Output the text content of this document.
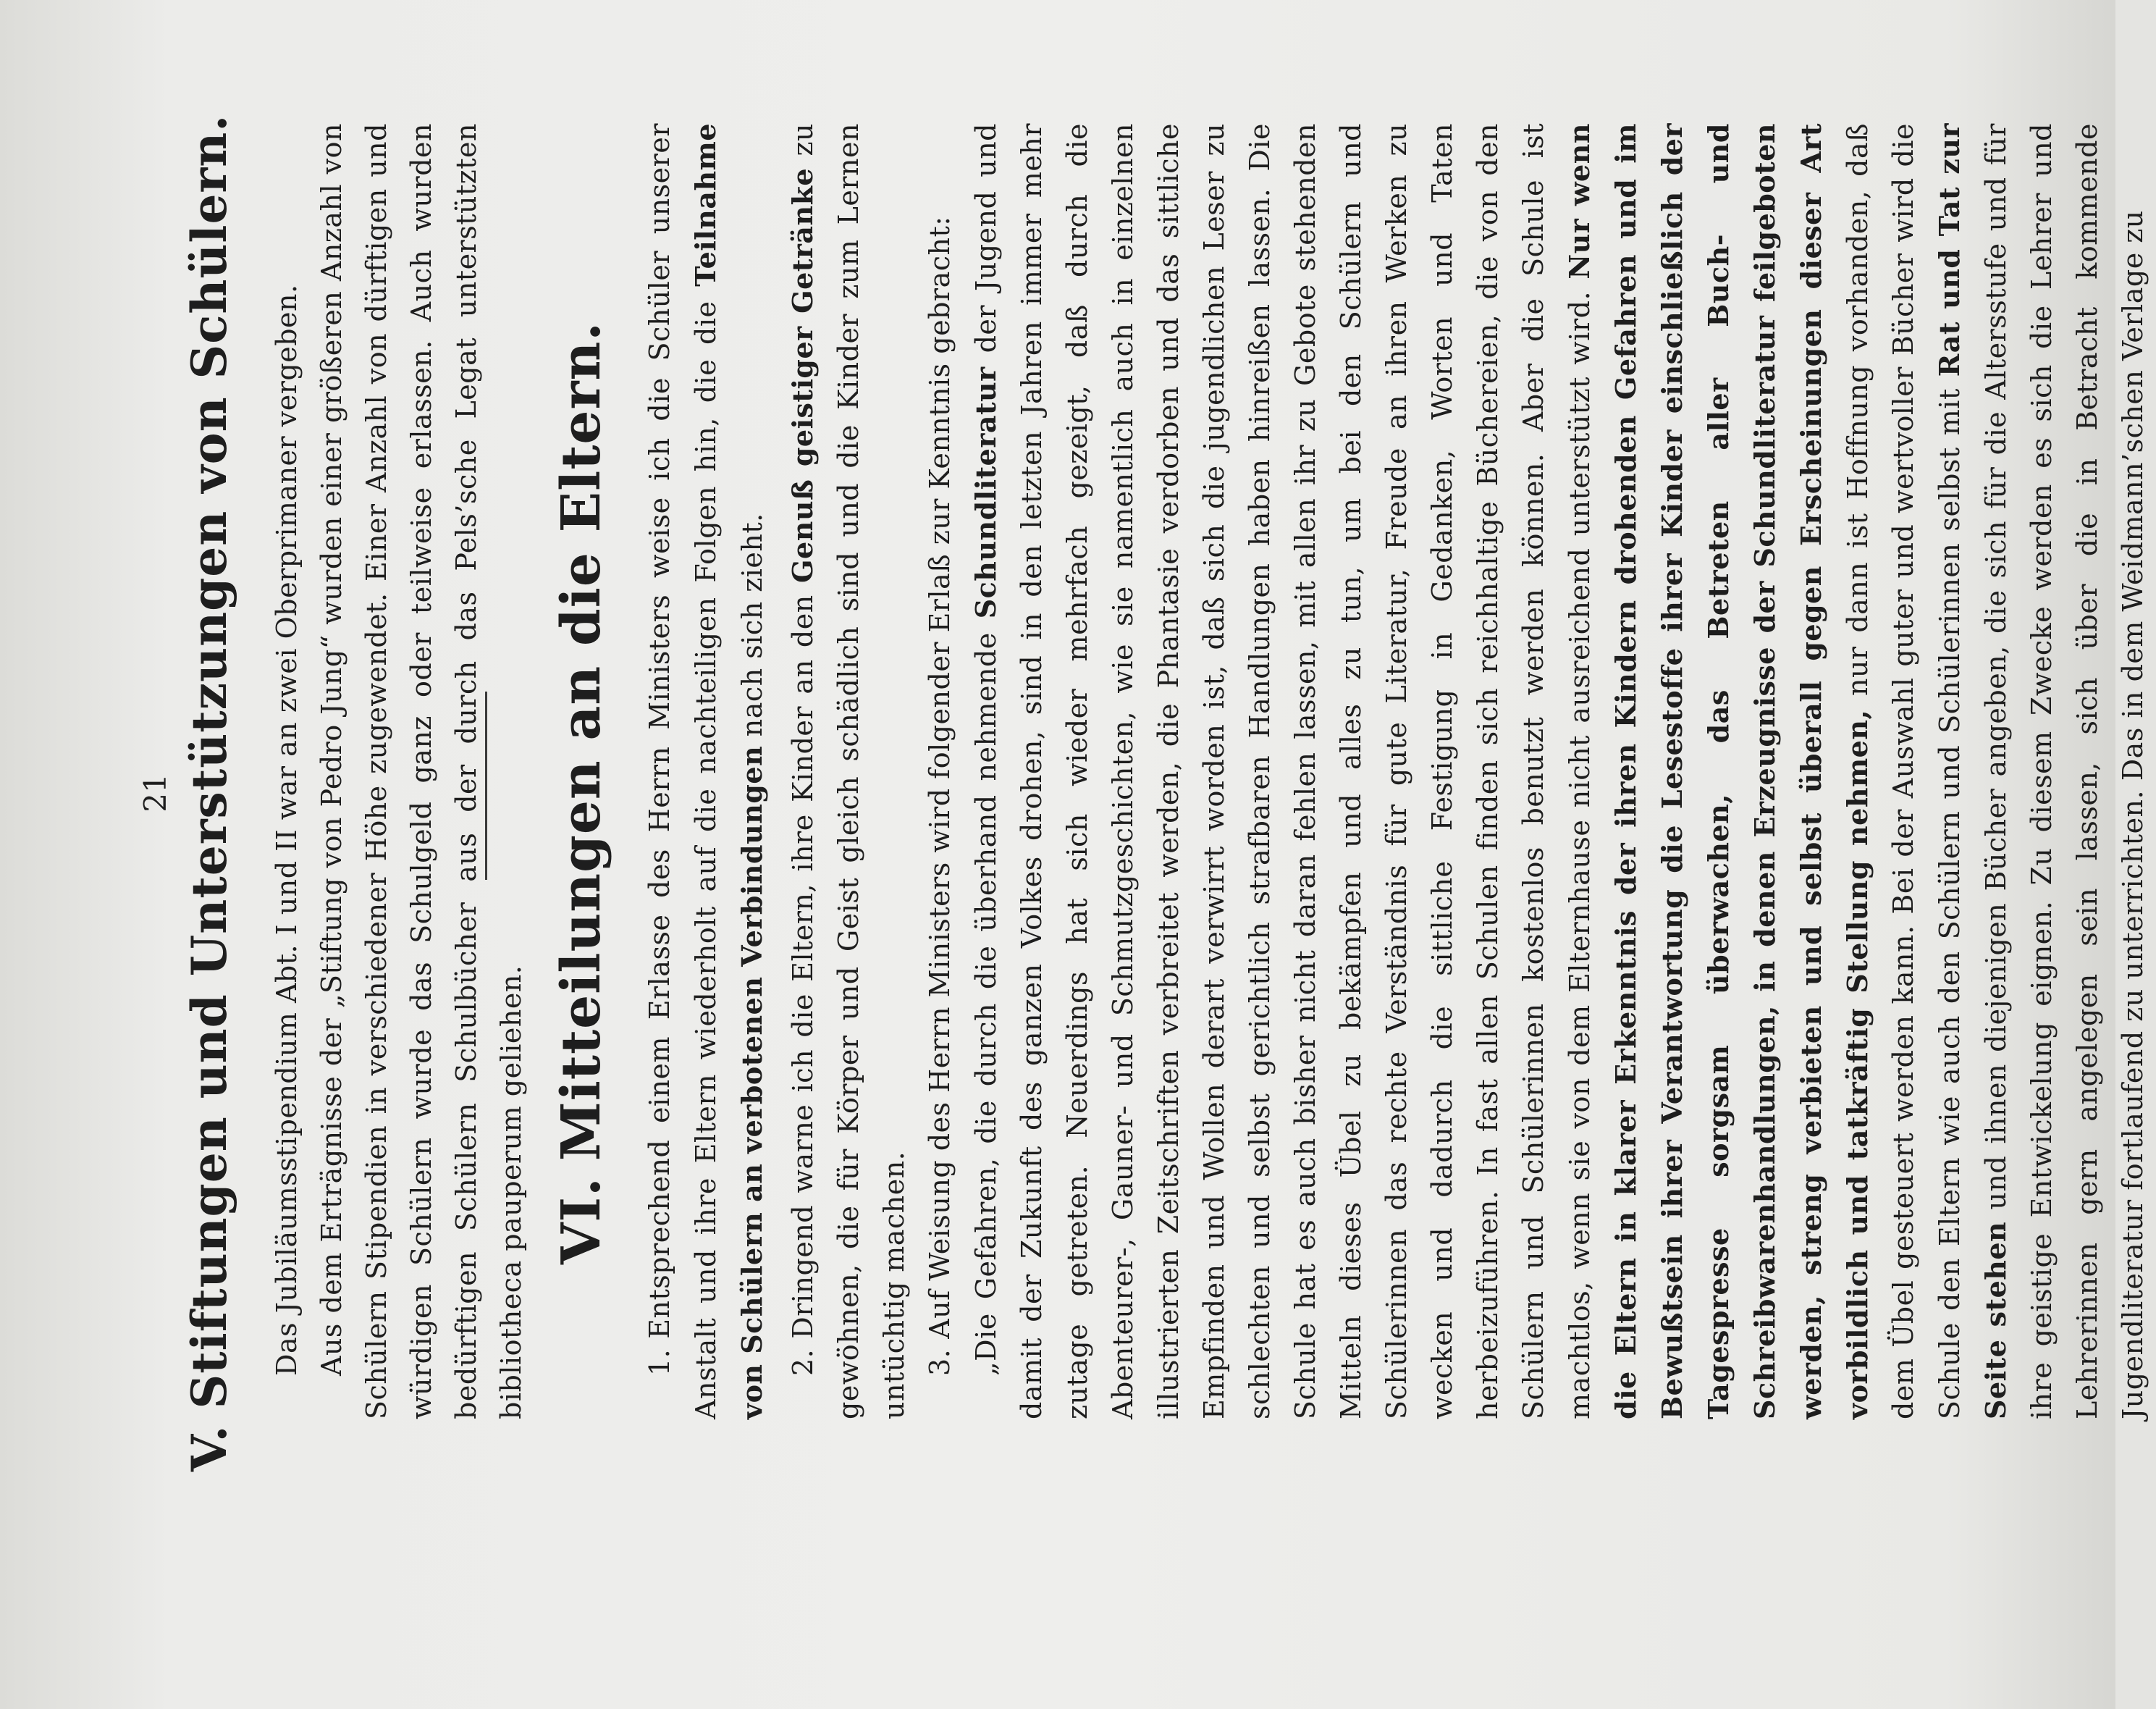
21
V.Stiftungen und Unterstützungen von Schülern. Das Jubiläumsstipendium Abt. I und II war an zwei Oberprimaner vergeben. Aus dem Erträgnisse der „Stiftung von Pedro Jung“ wurden einer größeren Anzahl von Schülern Stipendien in verschiedener Höhe zugewendet. Einer Anzahl von dürftigen und würdigen Schülern wurde das Schulgeld ganz oder teilweise erlassen. Auch wurden bedürftigen Schülern Schulbücher aus der durch das Pels’sche Legat unterstützten bibliotheca pauperum geliehen. VI.Mitteilungen an die Eltern.

1.Entsprechend einem Erlasse des Herrn Ministers weise ich die Schüler unserer Anstalt und ihre Eltern wiederholt auf die nachteiligen Folgen hin, die die Teilnahme von Schülern an verbotenen Verbindungen nach sich zieht.

2.Dringend warne ich die Eltern, ihre Kinder an den Genuß geistiger Getränke zu gewöhnen, die für Körper und Geist gleich schädlich sind und die Kinder zum Lernen untüchtig machen. 3.Auf Weisung des Herrn Ministers wird folgender Erlaß zur Kenntnis gebracht: „Die Gefahren, die durch die überhand nehmende Schundliteratur der Jugend und damit der Zukunft des ganzen Volkes drohen, sind in den letzten Jahren immer mehr zutage getreten. Neuerdings hat sich wieder mehrfach gezeigt, daß durch die Abenteurer-, Gauner- und Schmutzgeschichten, wie sie namentlich auch in einzelnen illustrierten Zeitschriften verbreitet werden, die Phantasie verdorben und das sittliche Empfinden und Wollen derart verwirrt worden ist, daß sich die jugendlichen Leser zu schlechten und selbst gerichtlich strafbaren Handlungen haben hinreißen lassen. Die Schule hat es auch bisher nicht daran fehlen lassen, mit allen ihr zu Gebote stehenden Mitteln dieses Übel zu bekämpfen und alles zu tun, um bei den Schülern und Schülerinnen das rechte Verständnis für gute Literatur, Freude an ihren Werken zu wecken und dadurch die sittliche Festigung in Gedanken, Worten und Taten herbeizuführen. In fast allen Schulen finden sich reichhaltige Büchereien, die von den Schülern und Schülerinnen kostenlos benutzt werden können. Aber die Schule ist machtlos, wenn sie von dem Elternhause nicht ausreichend unterstützt wird. Nur wenn die Eltern in klarer Erkenntnis der ihren Kindern drohenden Gefahren und im Bewußtsein ihrer Verantwortung die Lesestoffe ihrer Kinder einschließlich der Tagespresse sorgsam überwachen, das Betreten aller Buch- und Schreibwarenhandlungen, in denen Erzeugnisse der Schundliteratur feilgeboten werden, streng verbieten und selbst überall gegen Erscheinungen dieser Art vorbildlich und tatkräftig Stellung nehmen, nur dann ist Hoffnung vorhanden, daß dem Übel gesteuert werden kann. Bei der Auswahl guter und wertvoller Bücher wird die Schule den Eltern wie auch den Schülern und Schülerinnen selbst mit Rat und Tat zur Seite stehen und ihnen diejenigen Bücher angeben, die sich für die Altersstufe und für ihre geistige Entwickelung eignen. Zu diesem Zwecke werden es sich die Lehrer und Lehrerinnen gern angelegen sein lassen, sich über die in Betracht kommende Jugendliteratur fortlaufend zu unterrichten. Das in dem Weidmann’schen Verlage zu
